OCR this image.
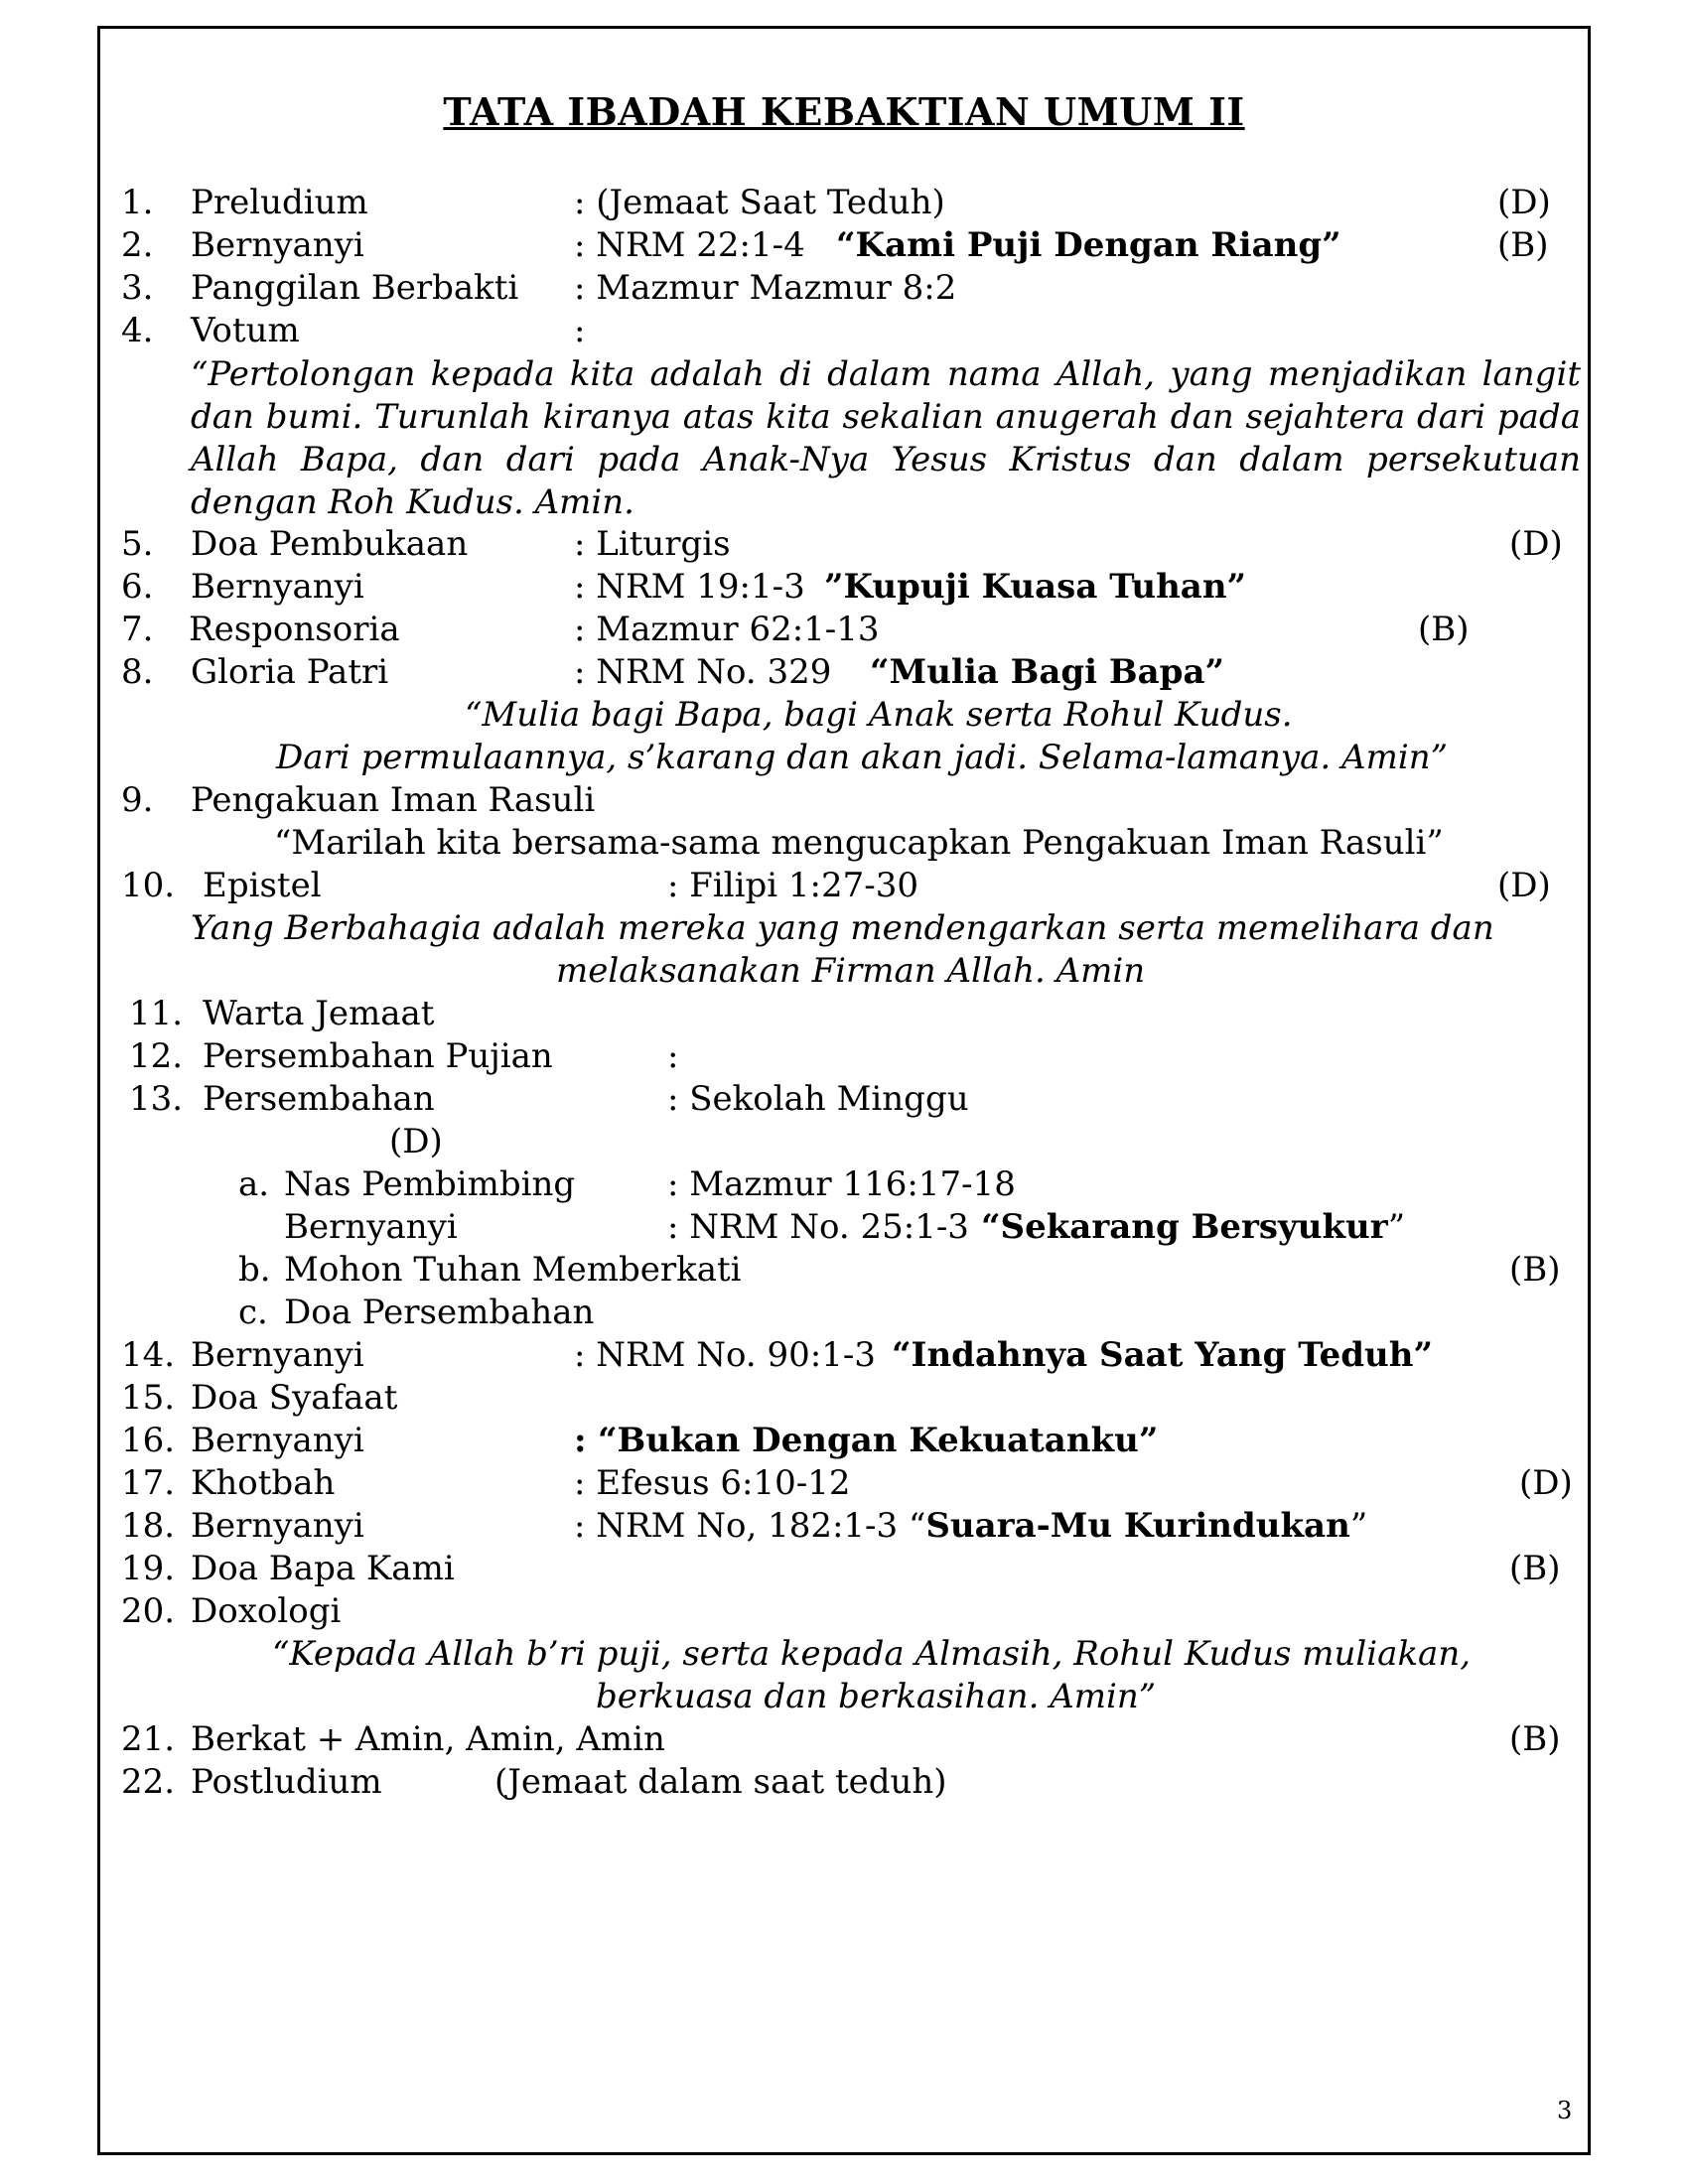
TATA IBADAH KEBAKTIAN UMUM II
1. Preludium	: (Jemaat Saat Teduh)	(D)
2. Bernyanyi	: NRM 22:1-4 “Kami Puji Dengan Riang”	(B)
3. Panggilan Berbakti : Mazmur Mazmur 8:2
4. Votum	:
“Pertolongan kepada kita adalah di dalam nama Allah, yang menjadikan langit dan bumi. Turunlah kiranya atas kita sekalian anugerah dan sejahtera dari pada Allah Bapa, dan dari pada Anak-Nya Yesus Kristus dan dalam persekutuan dengan Roh Kudus. Amin.
5. Doa Pembukaan	: Liturgis	(D)
6. Bernyanyi	: NRM 19:1-3 ”Kupuji Kuasa Tuhan”
7. Responsoria	: Mazmur 62:1-13	(B)
8. Gloria Patri	: NRM No. 329 “Mulia Bagi Bapa”
“Mulia bagi Bapa, bagi Anak serta Rohul Kudus.
Dari permulaannya, s’karang dan akan jadi. Selama-lamanya. Amin”
9. Pengakuan Iman Rasuli
“Marilah kita bersama-sama mengucapkan Pengakuan Iman Rasuli”
10. Epistel	: Filipi 1:27-30	(D)
Yang Berbahagia adalah mereka yang mendengarkan serta memelihara dan
melaksanakan Firman Allah. Amin
11. Warta Jemaat
12. Persembahan Pujian	:
13. Persembahan	: Sekolah Minggu
(D)
a. Nas Pembimbing	: Mazmur 116:17-18
Bernyanyi	: NRM No. 25:1-3 “Sekarang Bersyukur”
b. Mohon Tuhan Memberkati	(B)
c. Doa Persembahan
14. Bernyanyi	: NRM No. 90:1-3 “Indahnya Saat Yang Teduh”
15. Doa Syafaat
16. Bernyanyi	: “Bukan Dengan Kekuatanku”
17. Khotbah	: Efesus 6:10-12	(D)
18. Bernyanyi	: NRM No, 182:1-3 “Suara-Mu Kurindukan”
19. Doa Bapa Kami	(B)
20. Doxologi
“Kepada Allah b’ri puji, serta kepada Almasih, Rohul Kudus muliakan,
berkuasa dan berkasihan. Amin”
21. Berkat + Amin, Amin, Amin	(B)
22. Postludium	(Jemaat dalam saat teduh)
3
